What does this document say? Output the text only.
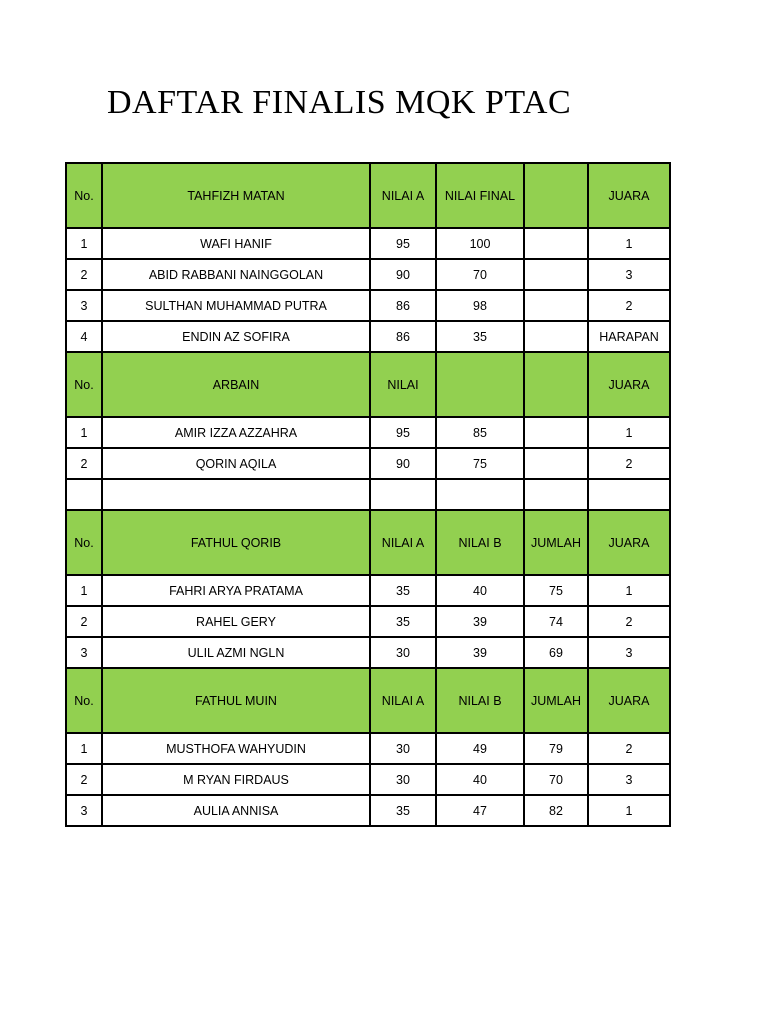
DAFTAR FINALIS MQK PTAC
No.	TAHFIZH MATAN	NILAI A	NILAI FINAL		JUARA
1	WAFI HANIF	95	100		1
2	ABID RABBANI NAINGGOLAN	90	70		3
3	SULTHAN MUHAMMAD PUTRA	86	98		2
4	ENDIN AZ SOFIRA	86	35		HARAPAN
No.	ARBAIN	NILAI			JUARA
1	AMIR IZZA AZZAHRA	95	85		1
2	QORIN AQILA	90	75		2

No.	FATHUL QORIB	NILAI A	NILAI B	JUMLAH	JUARA
1	FAHRI ARYA PRATAMA	35	40	75	1
2	RAHEL GERY	35	39	74	2
3	ULIL AZMI NGLN	30	39	69	3
No.	FATHUL MUIN	NILAI A	NILAI B	JUMLAH	JUARA
1	MUSTHOFA WAHYUDIN	30	49	79	2
2	M RYAN FIRDAUS	30	40	70	3
3	AULIA ANNISA	35	47	82	1
